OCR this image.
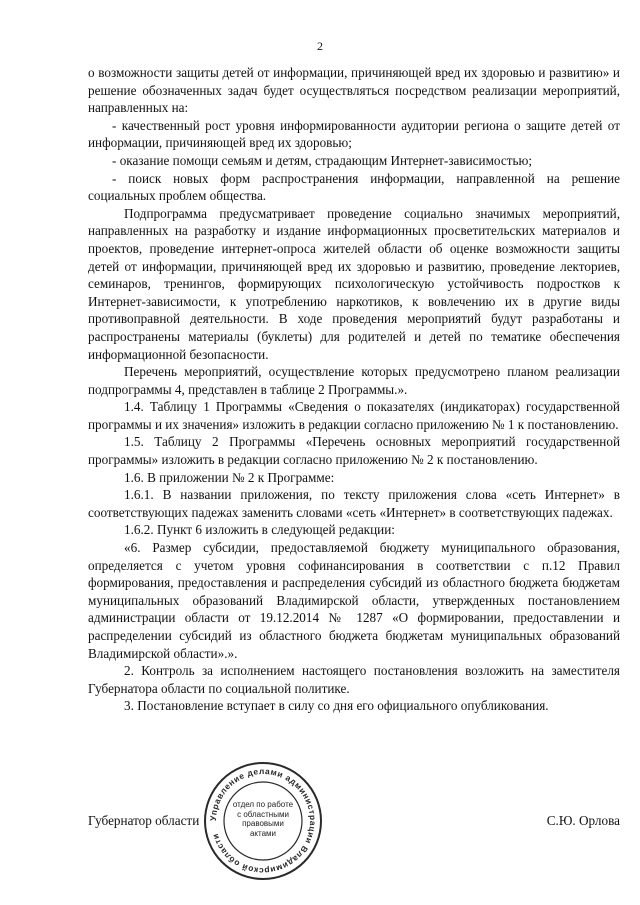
2

о возможности защиты детей от информации, причиняющей вред их здоровью и развитию» и решение обозначенных задач будет осуществляться посредством реализации мероприятий, направленных на:

- качественный рост уровня информированности аудитории региона о защите детей от информации, причиняющей вред их здоровью;

- оказание помощи семьям и детям, страдающим Интернет-зависимостью;

- поиск новых форм распространения информации, направленной на решение социальных проблем общества.

Подпрограмма предусматривает проведение социально значимых мероприятий, направленных на разработку и издание информационных просветительских материалов и проектов, проведение интернет-опроса жителей области об оценке возможности защиты детей от информации, причиняющей вред их здоровью и развитию, проведение лекториев, семинаров, тренингов, формирующих психологическую устойчивость подростков к Интернет-зависимости, к употреблению наркотиков, к вовлечению их в другие виды противоправной деятельности. В ходе проведения мероприятий будут разработаны и распространены материалы (буклеты) для родителей и детей по тематике обеспечения информационной безопасности.

Перечень мероприятий, осуществление которых предусмотрено планом реализации подпрограммы 4, представлен в таблице 2 Программы.».

1.4. Таблицу 1 Программы «Сведения о показателях (индикаторах) государственной программы и их значения» изложить в редакции согласно приложению № 1 к постановлению.

1.5. Таблицу 2 Программы «Перечень основных мероприятий государственной программы» изложить в редакции согласно приложению № 2 к постановлению.

1.6. В приложении № 2 к Программе:

1.6.1. В названии приложения, по тексту приложения слова «сеть Интернет» в соответствующих падежах заменить словами «сеть «Интернет» в соответствующих падежах.

1.6.2. Пункт 6 изложить в следующей редакции:

«6. Размер субсидии, предоставляемой бюджету муниципального образования, определяется с учетом уровня софинансирования в соответствии с п.12 Правил формирования, предоставления и распределения субсидий из областного бюджета бюджетам муниципальных образований Владимирской области, утвержденных постановлением администрации области от 19.12.2014 № 1287 «О формировании, предоставлении и распределении субсидий из областного бюджета бюджетам муниципальных образований Владимирской области».».

2. Контроль за исполнением настоящего постановления возложить на заместителя Губернатора области по социальной политике.

3. Постановление вступает в силу со дня его официального опубликования.

Губернатор области	С.Ю. Орлова
Управление делами администрации Владимирской области
отдел по работе с областными правовыми актами
